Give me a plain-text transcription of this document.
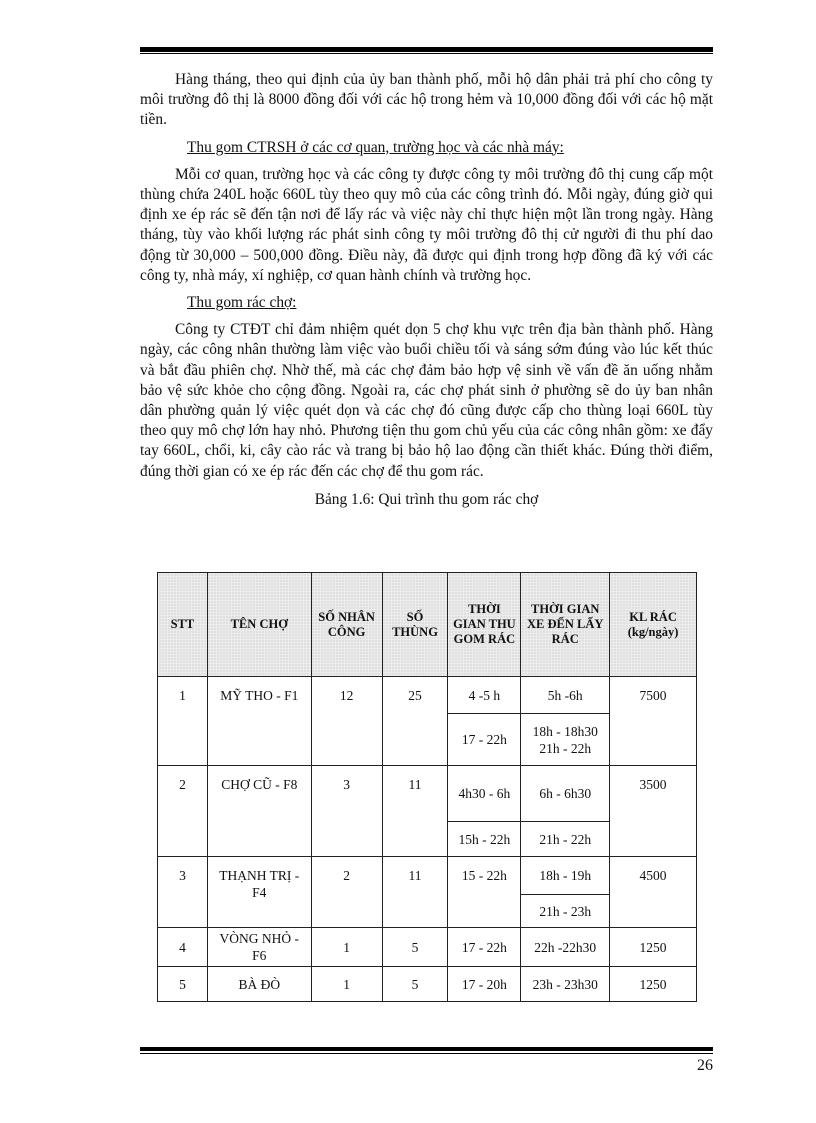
Hàng tháng, theo qui định của ủy ban thành phố, mỗi hộ dân phải trả phí cho công ty môi trường đô thị là 8000 đồng đối với các hộ trong hẻm và 10,000 đồng đối với các hộ mặt tiền.

Thu gom CTRSH ở các cơ quan, trường học và các nhà máy:

Mỗi cơ quan, trường học và các công ty được công ty môi trường đô thị cung cấp một thùng chứa 240L hoặc 660L tùy theo quy mô của các công trình đó. Mỗi ngày, đúng giờ qui định xe ép rác sẽ đến tận nơi để lấy rác và việc này chỉ thực hiện một lần trong ngày. Hàng tháng, tùy vào khối lượng rác phát sinh công ty môi trường đô thị cử người đi thu phí dao động từ 30,000 – 500,000 đồng. Điều này, đã được qui định trong hợp đồng đã ký với các công ty, nhà máy, xí nghiệp, cơ quan hành chính và trường học.

Thu gom rác chợ:

Công ty CTĐT chỉ đảm nhiệm quét dọn 5 chợ khu vực trên địa bàn thành phố. Hàng ngày, các công nhân thường làm việc vào buổi chiều tối và sáng sớm đúng vào lúc kết thúc và bắt đầu phiên chợ. Nhờ thế, mà các chợ đảm bảo hợp vệ sinh về vấn đề ăn uống nhằm bảo vệ sức khỏe cho cộng đồng. Ngoài ra, các chợ phát sinh ở phường sẽ do ủy ban nhân dân phường quản lý việc quét dọn và các chợ đó cũng được cấp cho thùng loại 660L tùy theo quy mô chợ lớn hay nhỏ. Phương tiện thu gom chủ yếu của các công nhân gồm: xe đẩy tay 660L, chổi, ki, cây cào rác và trang bị bảo hộ lao động cần thiết khác. Đúng thời điểm, đúng thời gian có xe ép rác đến các chợ để thu gom rác.

Bảng 1.6: Qui trình thu gom rác chợ

STT	TÊN CHỢ	SỐ NHÂN CÔNG	SỐ THÙNG	THỜI GIAN THU GOM RÁC	THỜI GIAN XE ĐẾN LẤY RÁC	KL RÁC (kg/ngày)
1	MỸ THO - F1	12	25	4 -5 h	5h -6h	7500
				17 - 22h	18h - 18h30
21h - 22h	

2	CHỢ CŨ - F8	3	11	4h30 - 6h	6h - 6h30	3500
				15h - 22h	21h - 22h	
3	THẠNH TRỊ - F4	2	11	15 - 22h	18h - 19h	4500
					21h - 23h	
4	VÒNG NHỎ - F6	1	5	17 - 22h	22h -22h30	1250
5	BÀ ĐÒ	1	5	17 - 20h	23h - 23h30	1250
26
